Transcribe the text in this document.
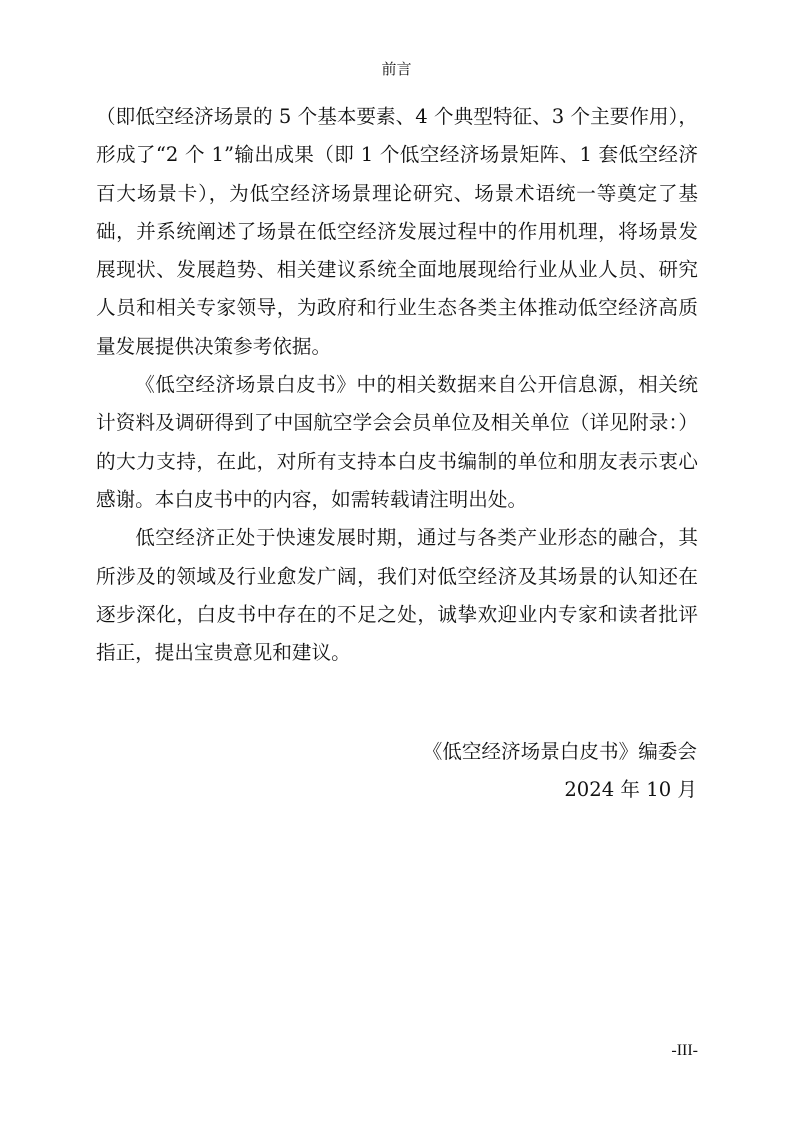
前言

（即低空经济场景的 5 个基本要素、4 个典型特征、3 个主要作用），形成了“2 个 1”输出成果（即 1 个低空经济场景矩阵、1 套低空经济百大场景卡），为低空经济场景理论研究、场景术语统一等奠定了基础，并系统阐述了场景在低空经济发展过程中的作用机理，将场景发展现状、发展趋势、相关建议系统全面地展现给行业从业人员、研究人员和相关专家领导，为政府和行业生态各类主体推动低空经济高质量发展提供决策参考依据。

《低空经济场景白皮书》中的相关数据来自公开信息源，相关统计资料及调研得到了中国航空学会会员单位及相关单位（详见附录：）的大力支持，在此，对所有支持本白皮书编制的单位和朋友表示衷心感谢。本白皮书中的内容，如需转载请注明出处。

低空经济正处于快速发展时期，通过与各类产业形态的融合，其所涉及的领域及行业愈发广阔，我们对低空经济及其场景的认知还在逐步深化，白皮书中存在的不足之处，诚挚欢迎业内专家和读者批评指正，提出宝贵意见和建议。

《低空经济场景白皮书》编委会
2024 年 10 月
-III-
